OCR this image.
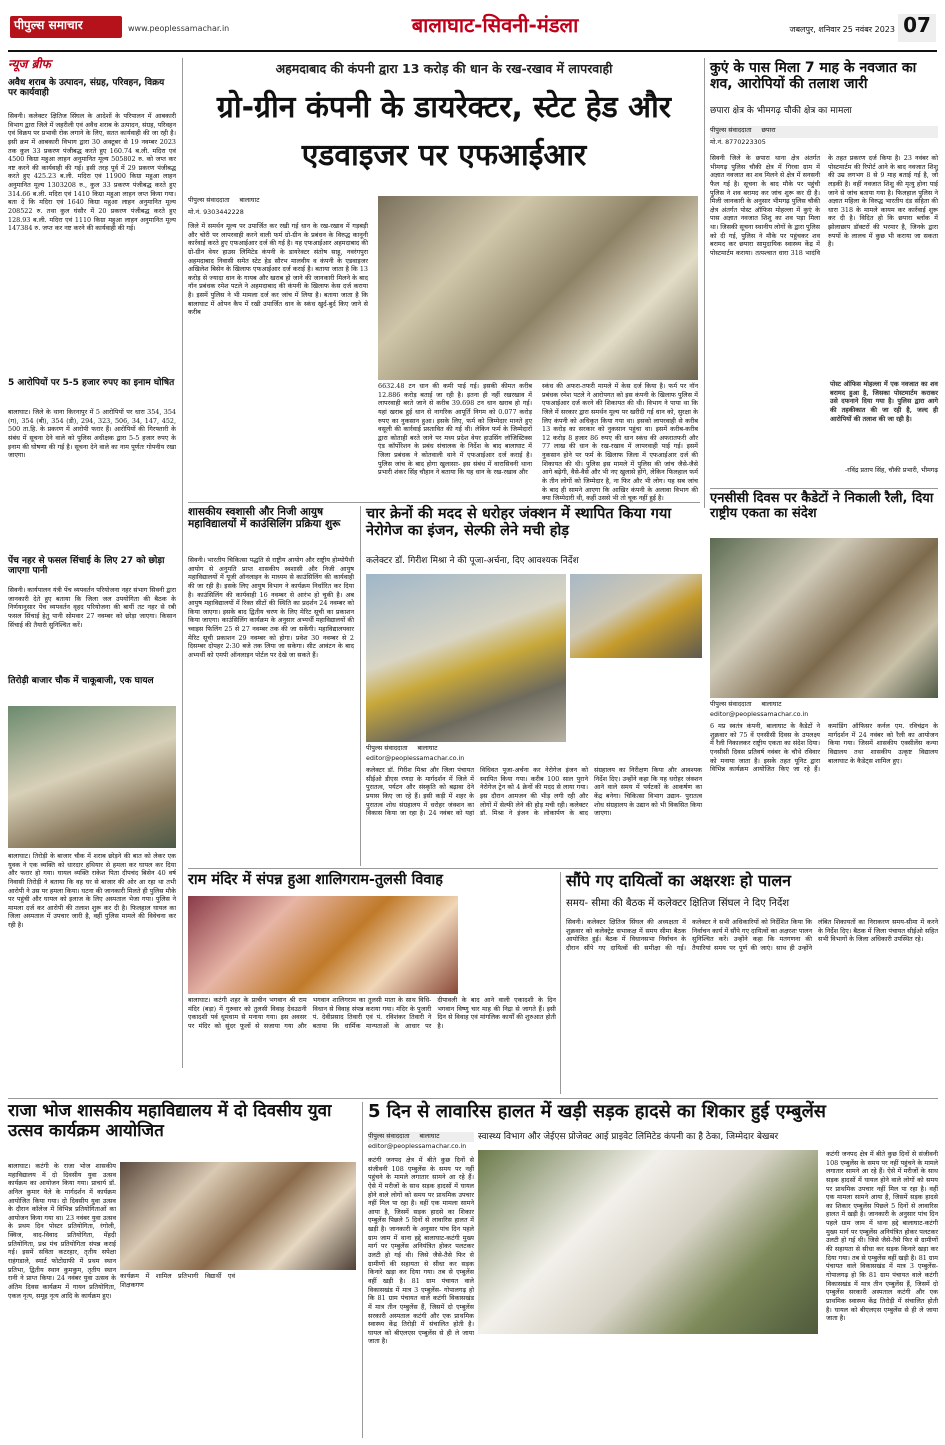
पीपुल्स समाचार	www.peoplessamachar.in	बालाघाट-सिवनी-मंडला	जबलपुर, शनिवार 25 नवंबर 2023 07
न्यूज ब्रीफ
अवैध शराब के उत्पादन, संग्रह, परिवहन, विक्रय पर कार्यवाही
सिवनी। कलेक्टर क्षितिज सिंघल के आदेशों के परिपालन में आबकारी विभाग द्वारा जिले में जहरीली एवं अवैध शराब के उत्पादन, संग्रह, परिवहन एवं विक्रय पर प्रभावी रोक लगाने के लिए, सतत कार्यवाही की जा रही है। इसी क्रम में आबकारी विभाग द्वारा 30 अक्टूबर से 19 नवम्बर 2023 तक कुल 33 प्रकरण पंजीबद्ध करते हुए 160.74 ब.ली. मदिरा एवं 4500 किग्रा महुआ लाहन अनुमानित मूल्य 505802 रु. को जप्त कर नष्ट करने की कार्यवाही की गई। इसी तरह पूर्व में 29 प्रकरण पंजीबद्ध करते हुए 425.23 ब.ली. मदिरा एवं 11900 किग्रा महुआ लाहन अनुमानित मूल्य 1303208 रु., कुल 33 प्रकरण पंजीबद्ध करते हुए 314.66 ब.ली. मदिरा एवं 1410 किग्रा महुआ लाहन जप्त किया गया। बता दें कि मदिरा एवं 1640 किग्रा महुआ लाहन अनुमानित मूल्य 208522 रु. तथा कुल घंसौर में 20 प्रकरण पंजीबद्ध करते हुए 128.93 ब.ली. मदिरा एवं 1110 किग्रा महुआ लाहन अनुमानित मूल्य 147384 रु. जप्त कर नष्ट करने की कार्यवाही की गई।
5 आरोपियों पर 5-5 हजार रुपए का इनाम घोषित
बालाघाट। जिले के थाना किरनापुर में 5 आरोपियों पर धारा 354, 354 (ग), 354 (बी), 354 (डी), 294, 323, 506, 34, 147, 452, 500 ता.हि. के प्रकरण में आरोपी फरार हैं। आरोपियों की गिरफ्तारी के संबंध में सूचना देने वाले को पुलिस अधीक्षक द्वारा 5-5 हजार रुपए के इनाम की घोषणा की गई है। सूचना देने वाले का नाम पूर्णतः गोपनीय रखा जाएगा।
पेंच नहर से फसल सिंचाई के लिए 27 को छोड़ा जाएगा पानी
सिवनी। कार्यपालन यंत्री पेंच व्यपवर्तन परियोजना नहर संभाग सिवनी द्वारा जानकारी देते हुए बताया कि जिला जल उपयोगिता की बैठक के निर्णयानुसार पेंच व्यपवर्तन वृहद परियोजना की बायीं तट नहर से रबी फसल सिंचाई हेतु पानी सोमवार 27 नवम्बर को छोड़ा जाएगा। किसान सिंचाई की तैयारी सुनिश्चित करें।
तिरोड़ी बाजार चौक में चाकूबाजी, एक घायल
बालाघाट। तिरोड़ी के बाजार चौक में शराब छोड़ने की बात को लेकर एक युवक ने एक व्यक्ति को धारदार हथियार से हमला कर घायल कर दिया और फरार हो गया। घायल व्यक्ति राकेश पिता दीपचंद बिसेन 40 वर्ष निवासी तिरोड़ी ने बताया कि वह घर से बाजार की ओर आ रहा था तभी आरोपी ने उस पर हमला किया। घटना की जानकारी मिलते ही पुलिस मौके पर पहुंची और घायल को इलाज के लिए अस्पताल भेजा गया। पुलिस ने मामला दर्ज कर आरोपी की तलाश शुरू कर दी है। फिलहाल घायल का जिला अस्पताल में उपचार जारी है, वहीं पुलिस मामले की विवेचना कर रही है।
अहमदाबाद की कंपनी द्वारा 13 करोड़ की धान के रख-रखाव में लापरवाही
ग्रो-ग्रीन कंपनी के डायरेक्टर, स्टेट हेड और एडवाइजर पर एफआईआर
पीपुल्स संवाददाता बालाघाट
मो.नं. 9303442228
जिले में समर्थन मूल्य पर उपार्जित कर रखी गई धान के रख-रखाव में गड़बड़ी और चोरी पर लापरवाही करने वाली फर्म ग्रो-ग्रीन के प्रबंधन के विरुद्ध कानूनी कार्रवाई करते हुए एफआईआर दर्ज की गई है। यह एफआईआर अहमदाबाद की ग्रो-ग्रीन वेयर हाउस लिमिटेड कंपनी के डायरेक्टर संतोष साहू, नवरंगपुरा अहमदाबाद निवासी समेत स्टेट हेड सौरभ मालवीय व कंपनी के एडवाइजर अखिलेश बिसेन के खिलाफ एफआईआर दर्ज कराई है। बताया जाता है कि 13 करोड़ से ज्यादा धान के गायब और खराब हो जाने की जानकारी मिलने के बाद नॉन प्रबंधक रमेश पटले ने अहमदाबाद की कंपनी के खिलाफ केस दर्ज कराया है। इसमें पुलिस ने भी मामला दर्ज कर जांच में लिया है। बताया जाता है कि बालाघाट में ओपन कैप में रखी उपार्जित धान के स्कंध खुर्द-बुर्द किए जाने से करीब
6632.48 टन धान की कमी पाई गई। इसकी कीमत करीब 12.886 करोड़ बताई जा रही है। इतना ही नहीं रखरखाव में लापरवाही बरते जाने से करीब 39.698 टन धान खराब हो गई। यहां खराब हुई धान से नागरिक आपूर्ति निगम को 0.077 करोड़ रुपए का नुकसान हुआ। इसके लिए, फर्म को जिम्मेदार मानते हुए वसूली की कार्रवाई प्रस्तावित की गई थी। लेकिन फर्म के जिम्मेदारों द्वारा कोताही बरते जाने पर मध्य प्रदेश वेयर हाउसिंग लॉजिस्टिक्स एंड कॉर्पोरेशन के प्रबंध संचालक के निर्देश के बाद बालाघाट में जिला प्रबंधक ने कोतवाली थाने में एफआईआर दर्ज कराई है। पुलिस जांच के बाद होगा खुलासाः- इस संबंध में वारासिवनी थाना प्रभारी शंकर सिंह चौहान ने बताया कि यह धान के रख-रखाव और
स्कंध की अफरा-तफरी मामले में केस दर्ज किया है। फर्म पर नॉन प्रबंधक रमेश पटले ने आरोपगत को इस कंपनी के खिलाफ पुलिस में एफआईआर दर्ज करने की शिकायत की थी। विभाग ने पाया था कि जिले में सरकार द्वारा समर्थन मूल्य पर खरीदी गई धान को, सुरक्षा के लिए कंपनी को अधिकृत किया गया था। इसको लापरवाही से करीब 13 करोड़ का सरकार को नुकसान पहुंचा था। इसमें करीब-करीब 12 करोड़ 8 हजार 86 रुपए की धान स्कंध की अफरातफरी और 77 लाख की धान के रख-रखाव में लापरवाही पाई गई। इसमें नुकसान होने पर फर्म के खिलाफ जिला में एफआईआर दर्ज की शिकायत की थी। पुलिस इस मामले में पुलिस की जांच जैसे-जैसे आगे बढ़ेगी, वैसे-वैसे और भी नए खुलासे होंगे, लेकिन फिलहाल फर्म के तीन लोगों को जिम्मेदार है, ना फिर और भी लोग। यह सब जांच के बाद ही सामने आएगा कि आखिर कंपनी के अलावा विभाग की क्या जिम्मेदारी थी, कहीं उससे भी तो चूक नहीं हुई है।
कुएं के पास मिला 7 माह के नवजात का शव, आरोपियों की तलाश जारी
छपारा क्षेत्र के भीमगढ़ चौकी क्षेत्र का मामला
पीपुल्स संवाददाता छपारा
मो.नं. 8770223305
सिवनी जिले के छपारा थाना क्षेत्र अंतर्गत भीमगढ़ पुलिस चौकी क्षेत्र में गिरवा ग्राम में अज्ञात नवजात का शव मिलने से क्षेत्र में सनसनी फैल गई है। सूचना के बाद मौके पर पहुंची पुलिस ने शव बरामद कर जांच शुरू कर दी है। मिली जानकारी के अनुसार भीमगढ़ पुलिस चौकी क्षेत्र अंतर्गत पोस्ट ऑफिस मोहल्ला में कुएं के पास अज्ञात नवजात शिशु का शव पड़ा मिला था। जिसकी सूचना स्थानीय लोगों के द्वारा पुलिस को दी गई, पुलिस ने मौके पर पहुंचकर शव बरामद कर छपारा सामुदायिक स्वास्थ्य केंद्र में पोस्टमार्टम कराया। तत्पश्चात धारा 318 भादंवि के तहत प्रकरण दर्ज किया है। 23 नवंबर को पोस्टमार्टम की रिपोर्ट आने के बाद नवजात शिशु की उम्र लगभग 8 से 9 माह बताई गई है, जो लड़की है। वहीं नवजात शिशु की मृत्यु होना पाई जाने से जांच बताया गया है। फिलहाल पुलिस ने अज्ञात महिला के विरुद्ध भारतीय दंड संहिता की धारा 318 के मामले कायम कर कार्रवाई शुरू कर दी है। विदित हो कि छपारा ब्लॉक में झोलाछाप डॉक्टरों की भरमार है, जिनके द्वारा रुपयों के लालच में कुछ भी कराया जा सकता है।
पोस्ट ऑफिस मोहल्ला में एक नवजात का शव बरामद हुआ है, जिसका पोस्टमार्टम कराकर उसे दफनाने दिया गया है। पुलिस द्वारा आगे की तहकीकात की जा रही है, जल्द ही आरोपियों की तलाश की जा रही है।
-रविंद्र प्रताप सिंह, चौकी प्रभारी, भीमगढ़
एनसीसी दिवस पर कैडेटों ने निकाली रैली, दिया राष्ट्रीय एकता का संदेश
पीपुल्स संवाददाता बालाघाट
editor@peoplessamachar.co.in
6 मप्र स्वतंत्र कंपनी, बालाघाट के कैडेटों ने शुक्रवार को 75 वें एनसीसी दिवस के उपलक्ष्य में रैली निकालकर राष्ट्रीय एकता का संदेश दिया। एनसीसी दिवस प्रतिवर्ष नवंबर के चौथे रविवार को मनाया जाता है। इसके तहत यूनिट द्वारा विभिन्न कार्यक्रम आयोजित किए जा रहे हैं। कमांडिंग ऑफिसर कर्नल एम. रविचंद्रन के मार्गदर्शन में 24 नवंबर को रैली का आयोजन किया गया। जिसमें शासकीय एक्सीलेंस कन्या विद्यालय तथा शासकीय उत्कृष्ट विद्यालय बालाघाट के कैडेट्स शामिल हुए।
शासकीय स्वशासी और निजी आयुष महाविद्यालयों में काउंसिलिंग प्रक्रिया शुरू
सिवनी। भारतीय चिकित्सा पद्धति से राष्ट्रीय आयोग और राष्ट्रीय होम्योपैथी आयोग से अनुमति प्राप्त शासकीय स्वशासी और निजी आयुष महाविद्यालयों में यूजी ऑनलाइन के माध्यम से काउंसिलिंग की कार्यवाही की जा रही है। इसके लिए आयुष विभाग ने कार्यक्रम निर्धारित कर दिया है। काउंसिलिंग की कार्यवाही 16 नवम्बर से आरंभ हो चुकी है। अब आयुष महाविद्यालयों में रिक्त सीटों की स्थिति का प्रदर्शन 24 नवम्बर को किया जाएगा। इसके बाद द्वितीय चरण के लिए मेरिट सूची का प्रकाशन किया जाएगा। काउंसिलिंग कार्यक्रम के अनुसार अभ्यर्थी महाविद्यालयों की च्वाइस फिलिंग 25 से 27 नवम्बर तक की जा सकेंगी। महाविद्यालयवार मेरिट सूची प्रकाशन 29 नवम्बर को होगा। प्रवेश 30 नवम्बर से 2 दिसम्बर दोपहर 2:30 बजे तक लिया जा सकेगा। सीट आवंटन के बाद अभ्यर्थी को एमपी ऑनलाइन पोर्टल पर देखे जा सकते हैं।
चार क्रेनों की मदद से धरोहर जंक्शन में स्थापित किया गया नेरोगेज का इंजन, सेल्फी लेने मची होड़
कलेक्टर डॉ. गिरीश मिश्रा ने की पूजा-अर्चना, दिए आवश्यक निर्देश
पीपुल्स संवाददाता बालाघाट
editor@peoplessamachar.co.in
कलेक्टर डॉ. गिरीश मिश्रा और जिला पंचायत सीईओ डीएस रणदा के मार्गदर्शन में जिले में पुरातत्व, पर्यटन और संस्कृति को बढ़ावा देने प्रयास किए जा रहे हैं। इसी कड़ी में शहर के पुरातत्व शोध संग्रहालय में धरोहर जंक्शन का विकास किया जा रहा है। 24 नवंबर को यहां विधिवत पूजा-अर्चना कर नेरोगेज इंजन को स्थापित किया गया। करीब 100 साल पुराने नेरोगेज ट्रेन को 4 क्रेनों की मदद से लाया गया। इस दौरान आमजन की भीड़ लगी रही और लोगों में सेल्फी लेने की होड़ मची रही। कलेक्टर डॉ. मिश्रा ने इंजन के लोकार्पण के बाद संग्रहालय का निरीक्षण किया और आवश्यक निर्देश दिए। उन्होंने कहा कि यह धरोहर जंक्शन आने वाले समय में पर्यटकों के आकर्षण का केंद्र बनेगा। चिकित्सा विभाग उद्यान- पुरातत्व शोध संग्रहालय के उद्यान को भी विकसित किया जाएगा।
राम मंदिर में संपन्न हुआ शालिगराम-तुलसी विवाह
बालाघाट। कटंगी शहर के प्राचीन भगवान श्री राम मंदिर (बड़ा) में गुरुवार को तुलसी विवाह देवउठनी एकादशी पर्व धूमधाम से मनाया गया। इस अवसर पर मंदिर को सुंदर फूलों से सजाया गया और भगवान शालिगराम का तुलसी माता के साथ विधि-विधान से विवाह संपन्न कराया गया। मंदिर के पुजारी पं. देवीप्रसाद तिवारी एवं पं. रविशंकर तिवारी ने बताया कि धार्मिक मान्यताओं के आधार पर दीपावली के बाद आने वाली एकादशी के दिन भगवान विष्णु चार माह की निद्रा से जागते हैं। इसी दिन से विवाह एवं मांगलिक कार्यों की शुरुआत होती है।
सौंपे गए दायित्वों का अक्षरशः हो पालन
समय- सीमा की बैठक में कलेक्टर क्षितिज सिंघल ने दिए निर्देश
सिवनी। कलेक्टर क्षितिज सिंघल की अध्यक्षता में शुक्रवार को कलेक्ट्रेट सभाकक्ष में समय सीमा बैठक आयोजित हुई। बैठक में विधानसभा निर्वाचन के दौरान सौंपे गए दायित्वों की समीक्षा की गई। कलेक्टर ने सभी अधिकारियों को निर्देशित किया कि निर्वाचन कार्य में सौंपे गए दायित्वों का अक्षरशः पालन सुनिश्चित करें। उन्होंने कहा कि मतगणना की तैयारियां समय पर पूर्ण की जाएं। साथ ही उन्होंने लंबित शिकायतों का निराकरण समय-सीमा में करने के निर्देश दिए। बैठक में जिला पंचायत सीईओ सहित सभी विभागों के जिला अधिकारी उपस्थित रहे।
राजा भोज शासकीय महाविद्यालय में दो दिवसीय युवा उत्सव कार्यक्रम आयोजित
बालाघाट। कटंगी के राजा भोज शासकीय महाविद्यालय में दो दिवसीय युवा उत्सव कार्यक्रम का आयोजन किया गया। प्राचार्य डॉ. अनिल कुमार येले के मार्गदर्शन में कार्यक्रम आयोजित किया गया। दो दिवसीय युवा उत्सव के दौरान कॉलेज में विभिन्न प्रतियोगिताओं का आयोजन किया गया था। 23 नवंबर युवा उत्सव के प्रथम दिन पोस्टर प्रतियोगिता, रंगोली, क्विज, वाद-विवाद प्रतियोगिता, मेंहदी प्रतियोगिता, प्रश्न मंच प्रतियोगिता संपन्न कराई गई। इसमें सविता कटरहार, तृतीय सपेक्षा राहंगडाले, स्मार्ट फोटोग्राफी में प्रथम स्थान प्रतिभा, द्वितीय स्थान कुमकुम, तृतीय स्थान रानी ने प्राप्त किया। 24 नवंबर युवा उत्सव के अंतिम दिवस कार्यक्रम में गायन प्रतियोगिता, एकल नृत्य, समूह नृत्य आदि के कार्यक्रम हुए।
कार्यक्रम में शामिल प्रतिभागी विद्यार्थी एवं शिक्षकगण
5 दिन से लावारिस हालत में खड़ी सड़क हादसे का शिकार हुई एम्बुलेंस
स्वास्थ्य विभाग और जेईएस प्रोजेक्ट आई प्राइवेट लिमिटेड कंपनी का है ठेका, जिम्मेदार बेखबर
पीपुल्स संवाददाता बालाघाट
editor@peoplessamachar.co.in
कटंगी जनपद क्षेत्र में बीते कुछ दिनों से संजीवनी 108 एम्बुलेंस के समय पर नहीं पहुंचने के मामले लगातार सामने आ रहे हैं। ऐसे में मरीजों के साथ सड़क हादसों में घायल होने वाले लोगों को समय पर प्राथमिक उपचार नहीं मिल पा रहा है। वहीं एक मामला सामने आया है, जिसमें सड़क हादसे का शिकार एम्बुलेंस पिछले 5 दिनों से लावारिस हालत में खड़ी है। जानकारी के अनुसार पांच दिन पहले ग्राम जाम में थाना हद्दे बालाघाट-कटंगी मुख्य मार्ग पर एम्बुलेंस अनियंत्रित होकर पलटकर उलटी हो गई थी। जिसे जैसे-तैसे फिर से ग्रामीणों की सहायता से सीधा कर सड़क किनारे खड़ा कर दिया गया। तब से एम्बुलेंस वहीं खड़ी है। 81 ग्राम पंचायत वाले विकासखंड में मात्र 3 एम्बुलेंस- गोपालगढ़ हो कि 81 ग्राम पंचायत वाले कटंगी विकासखंड में मात्र तीन एम्बुलेंस हैं, जिसमें दो एम्बुलेंस सरकारी अस्पताल कटंगी और एक प्राथमिक स्वास्थ्य केंद्र तिरोड़ी में संचालित होती है। घायल को बीएलएस एम्बुलेंस से ही ले जाया जाता है।
कटंगी जनपद क्षेत्र में बीते कुछ दिनों से संजीवनी 108 एम्बुलेंस के समय पर नहीं पहुंचने के मामले लगातार सामने आ रहे हैं। ऐसे में मरीजों के साथ सड़क हादसों में घायल होने वाले लोगों को समय पर प्राथमिक उपचार नहीं मिल पा रहा है। वहीं एक मामला सामने आया है, जिसमें सड़क हादसे का शिकार एम्बुलेंस पिछले 5 दिनों से लावारिस हालत में खड़ी है। जानकारी के अनुसार पांच दिन पहले ग्राम जाम में थाना हद्दे बालाघाट-कटंगी मुख्य मार्ग पर एम्बुलेंस अनियंत्रित होकर पलटकर उलटी हो गई थी। जिसे जैसे-तैसे फिर से ग्रामीणों की सहायता से सीधा कर सड़क किनारे खड़ा कर दिया गया। तब से एम्बुलेंस वहीं खड़ी है। 81 ग्राम पंचायत वाले विकासखंड में मात्र 3 एम्बुलेंस- गोपालगढ़ हो कि 81 ग्राम पंचायत वाले कटंगी विकासखंड में मात्र तीन एम्बुलेंस हैं, जिसमें दो एम्बुलेंस सरकारी अस्पताल कटंगी और एक प्राथमिक स्वास्थ्य केंद्र तिरोड़ी में संचालित होती है। घायल को बीएलएस एम्बुलेंस से ही ले जाया जाता है।
